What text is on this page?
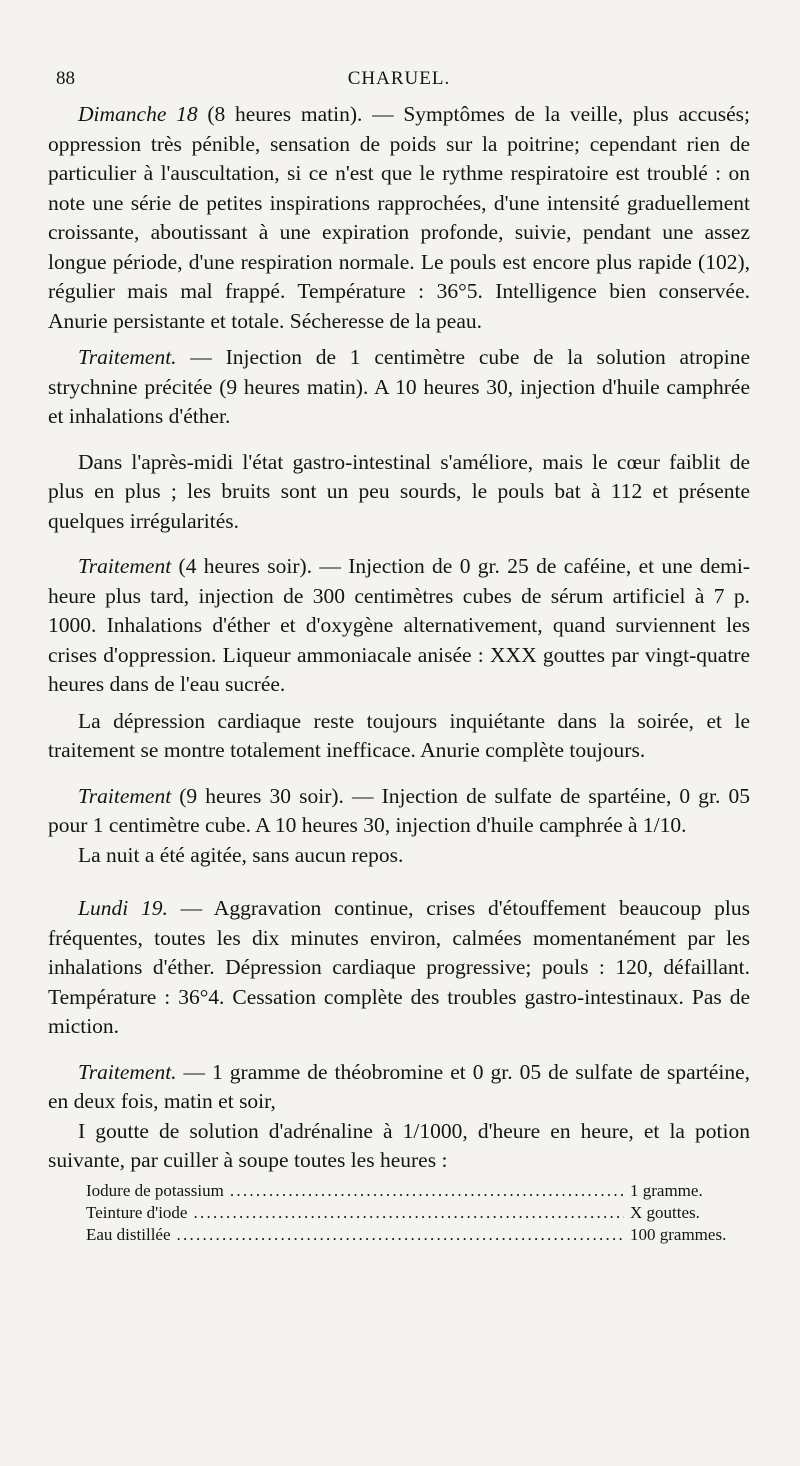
88	CHARUEL.

Dimanche 18 (8 heures matin). — Symptômes de la veille, plus accusés; oppression très pénible, sensation de poids sur la poitrine; cependant rien de particulier à l'auscultation, si ce n'est que le rythme respiratoire est troublé : on note une série de petites inspirations rapprochées, d'une intensité graduellement croissante, aboutissant à une expiration profonde, suivie, pendant une assez longue période, d'une respiration normale. Le pouls est encore plus rapide (102), régulier mais mal frappé. Température : 36°5. Intelligence bien conservée. Anurie persistante et totale. Sécheresse de la peau.

Traitement. — Injection de 1 centimètre cube de la solution atropine strychnine précitée (9 heures matin). A 10 heures 30, injection d'huile camphrée et inhalations d'éther.

Dans l'après-midi l'état gastro-intestinal s'améliore, mais le cœur faiblit de plus en plus ; les bruits sont un peu sourds, le pouls bat à 112 et présente quelques irrégularités.

Traitement (4 heures soir). — Injection de 0 gr. 25 de caféine, et une demi-heure plus tard, injection de 300 centimètres cubes de sérum artificiel à 7 p. 1000. Inhalations d'éther et d'oxygène alternativement, quand surviennent les crises d'oppression. Liqueur ammoniacale anisée : XXX gouttes par vingt-quatre heures dans de l'eau sucrée.

La dépression cardiaque reste toujours inquiétante dans la soirée, et le traitement se montre totalement inefficace. Anurie complète toujours.

Traitement (9 heures 30 soir). — Injection de sulfate de spartéine, 0 gr. 05 pour 1 centimètre cube. A 10 heures 30, injection d'huile camphrée à 1/10.

La nuit a été agitée, sans aucun repos.

Lundi 19. — Aggravation continue, crises d'étouffement beaucoup plus fréquentes, toutes les dix minutes environ, calmées momentanément par les inhalations d'éther. Dépression cardiaque progressive; pouls : 120, défaillant. Température : 36°4. Cessation complète des troubles gastro-intestinaux. Pas de miction.

Traitement. — 1 gramme de théobromine et 0 gr. 05 de sulfate de spartéine, en deux fois, matin et soir,

I goutte de solution d'adrénaline à 1/1000, d'heure en heure, et la potion suivante, par cuiller à soupe toutes les heures :

Iodure de potassium . . .	1 gramme.
Teinture d'iode . . .	X gouttes.
Eau distillée . . .	100 grammes.
